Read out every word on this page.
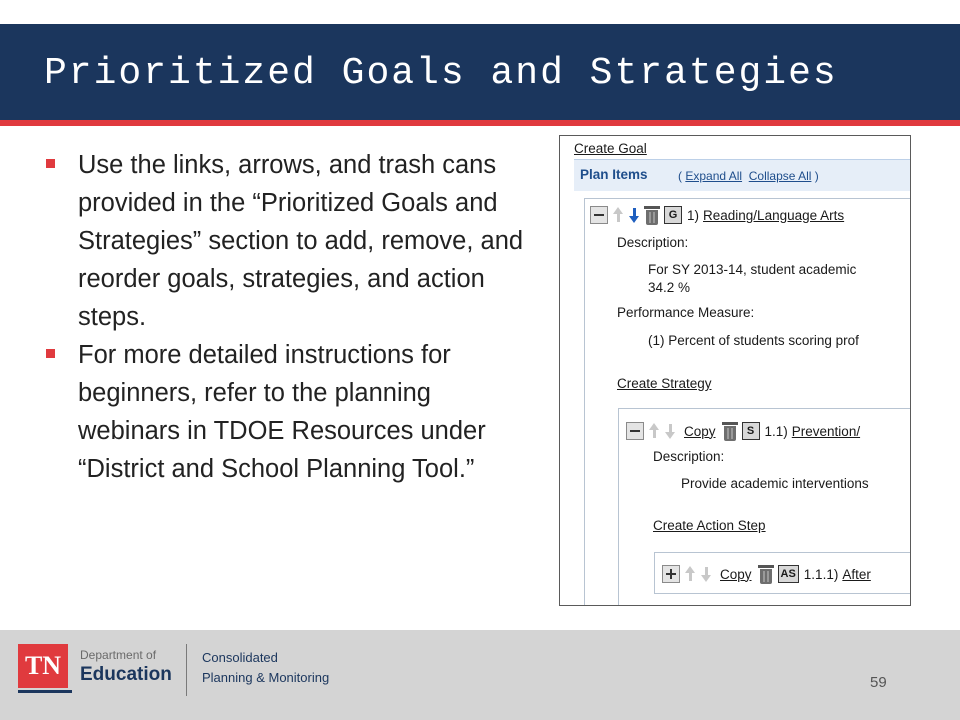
Prioritized Goals and Strategies
Use the links, arrows, and trash cans provided in the “Prioritized Goals and Strategies” section to add, remove, and reorder goals, strategies, and action steps.
For more detailed instructions for beginners, refer to the planning webinars in TDOE Resources under “District and School Planning Tool.”
Create Goal
Plan Items	( Expand All Collapse All )
G 1) Reading/Language Arts
Description:
For SY 2013-14, student academic
34.2 %
Performance Measure:
(1) Percent of students scoring prof
Create Strategy
Copy	S 1.1) Prevention/
Description:
Provide academic interventions
Create Action Step
Copy	AS 1.1.1) After
TN	Department of
Education
Consolidated
Planning & Monitoring	59
